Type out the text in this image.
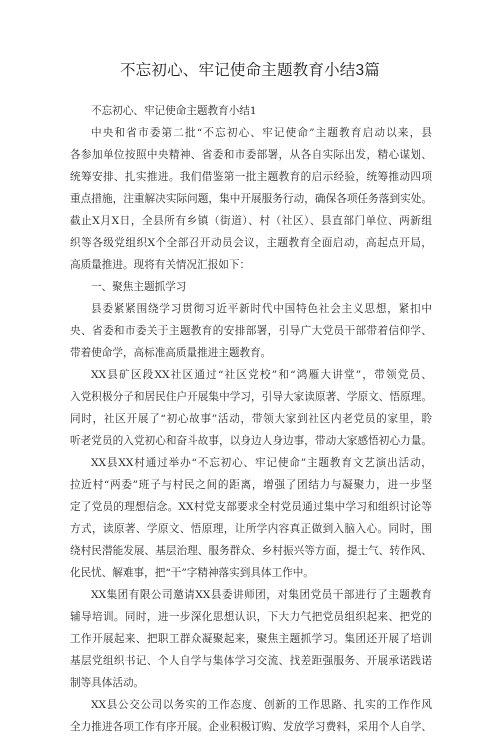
不忘初心、牢记使命主题教育小结3篇
不忘初心、牢记使命主题教育小结1
中央和省市委第二批“不忘初心、牢记使命”主题教育启动以来，县
各参加单位按照中央精神、省委和市委部署，从各自实际出发，精心谋划、
统筹安排、扎实推进。我们借鉴第一批主题教育的启示经验，统筹推动四项
重点措施，注重解决实际问题，集中开展服务行动，确保各项任务落到实处。
截止X月X日，全县所有乡镇（街道）、村（社区）、县直部门单位、两新组
织等各级党组织X个全部召开动员会议，主题教育全面启动，高起点开局，
高质量推进。现将有关情况汇报如下：
一、聚焦主题抓学习
县委紧紧围绕学习贯彻习近平新时代中国特色社会主义思想，紧扣中
央、省委和市委关于主题教育的安排部署，引导广大党员干部带着信仰学、
带着使命学，高标准高质量推进主题教育。
XX县矿区段XX社区通过“社区党校”和“鸿雁大讲堂”，带领党员、
入党积极分子和居民住户开展集中学习，引导大家读原著、学原文、悟原理。
同时，社区开展了“初心故事”活动，带领大家到社区内老党员的家里，聆
听老党员的入党初心和奋斗故事，以身边人身边事，带动大家感悟初心力量。
XX县XX村通过举办“不忘初心、牢记使命”主题教育文艺演出活动，
拉近村“两委”班子与村民之间的距离，增强了团结力与凝聚力，进一步坚
定了党员的理想信念。XX村党支部要求全村党员通过集中学习和组织讨论等
方式，读原著、学原文、悟原理，让所学内容真正做到入脑入心。同时，围
绕村民潜能发展、基层治理、服务群众、乡村振兴等方面，提士气、转作风、
化民忧、解难事，把“干”字精神落实到具体工作中。
XX集团有限公司邀请XX县委讲师团，对集团党员干部进行了主题教育
辅导培训。同时，进一步深化思想认识，下大力气把党员组织起来、把党的
工作开展起来、把职工群众凝聚起来，聚焦主题抓学习。集团还开展了培训
基层党组织书记、个人自学与集体学习交流、找差距强服务、开展承诺践诺
制等具体活动。
XX县公交公司以务实的工作态度、创新的工作思路、扎实的工作作风
全力推进各项工作有序开展。企业积极订购、发放学习费料，采用个人自学、
